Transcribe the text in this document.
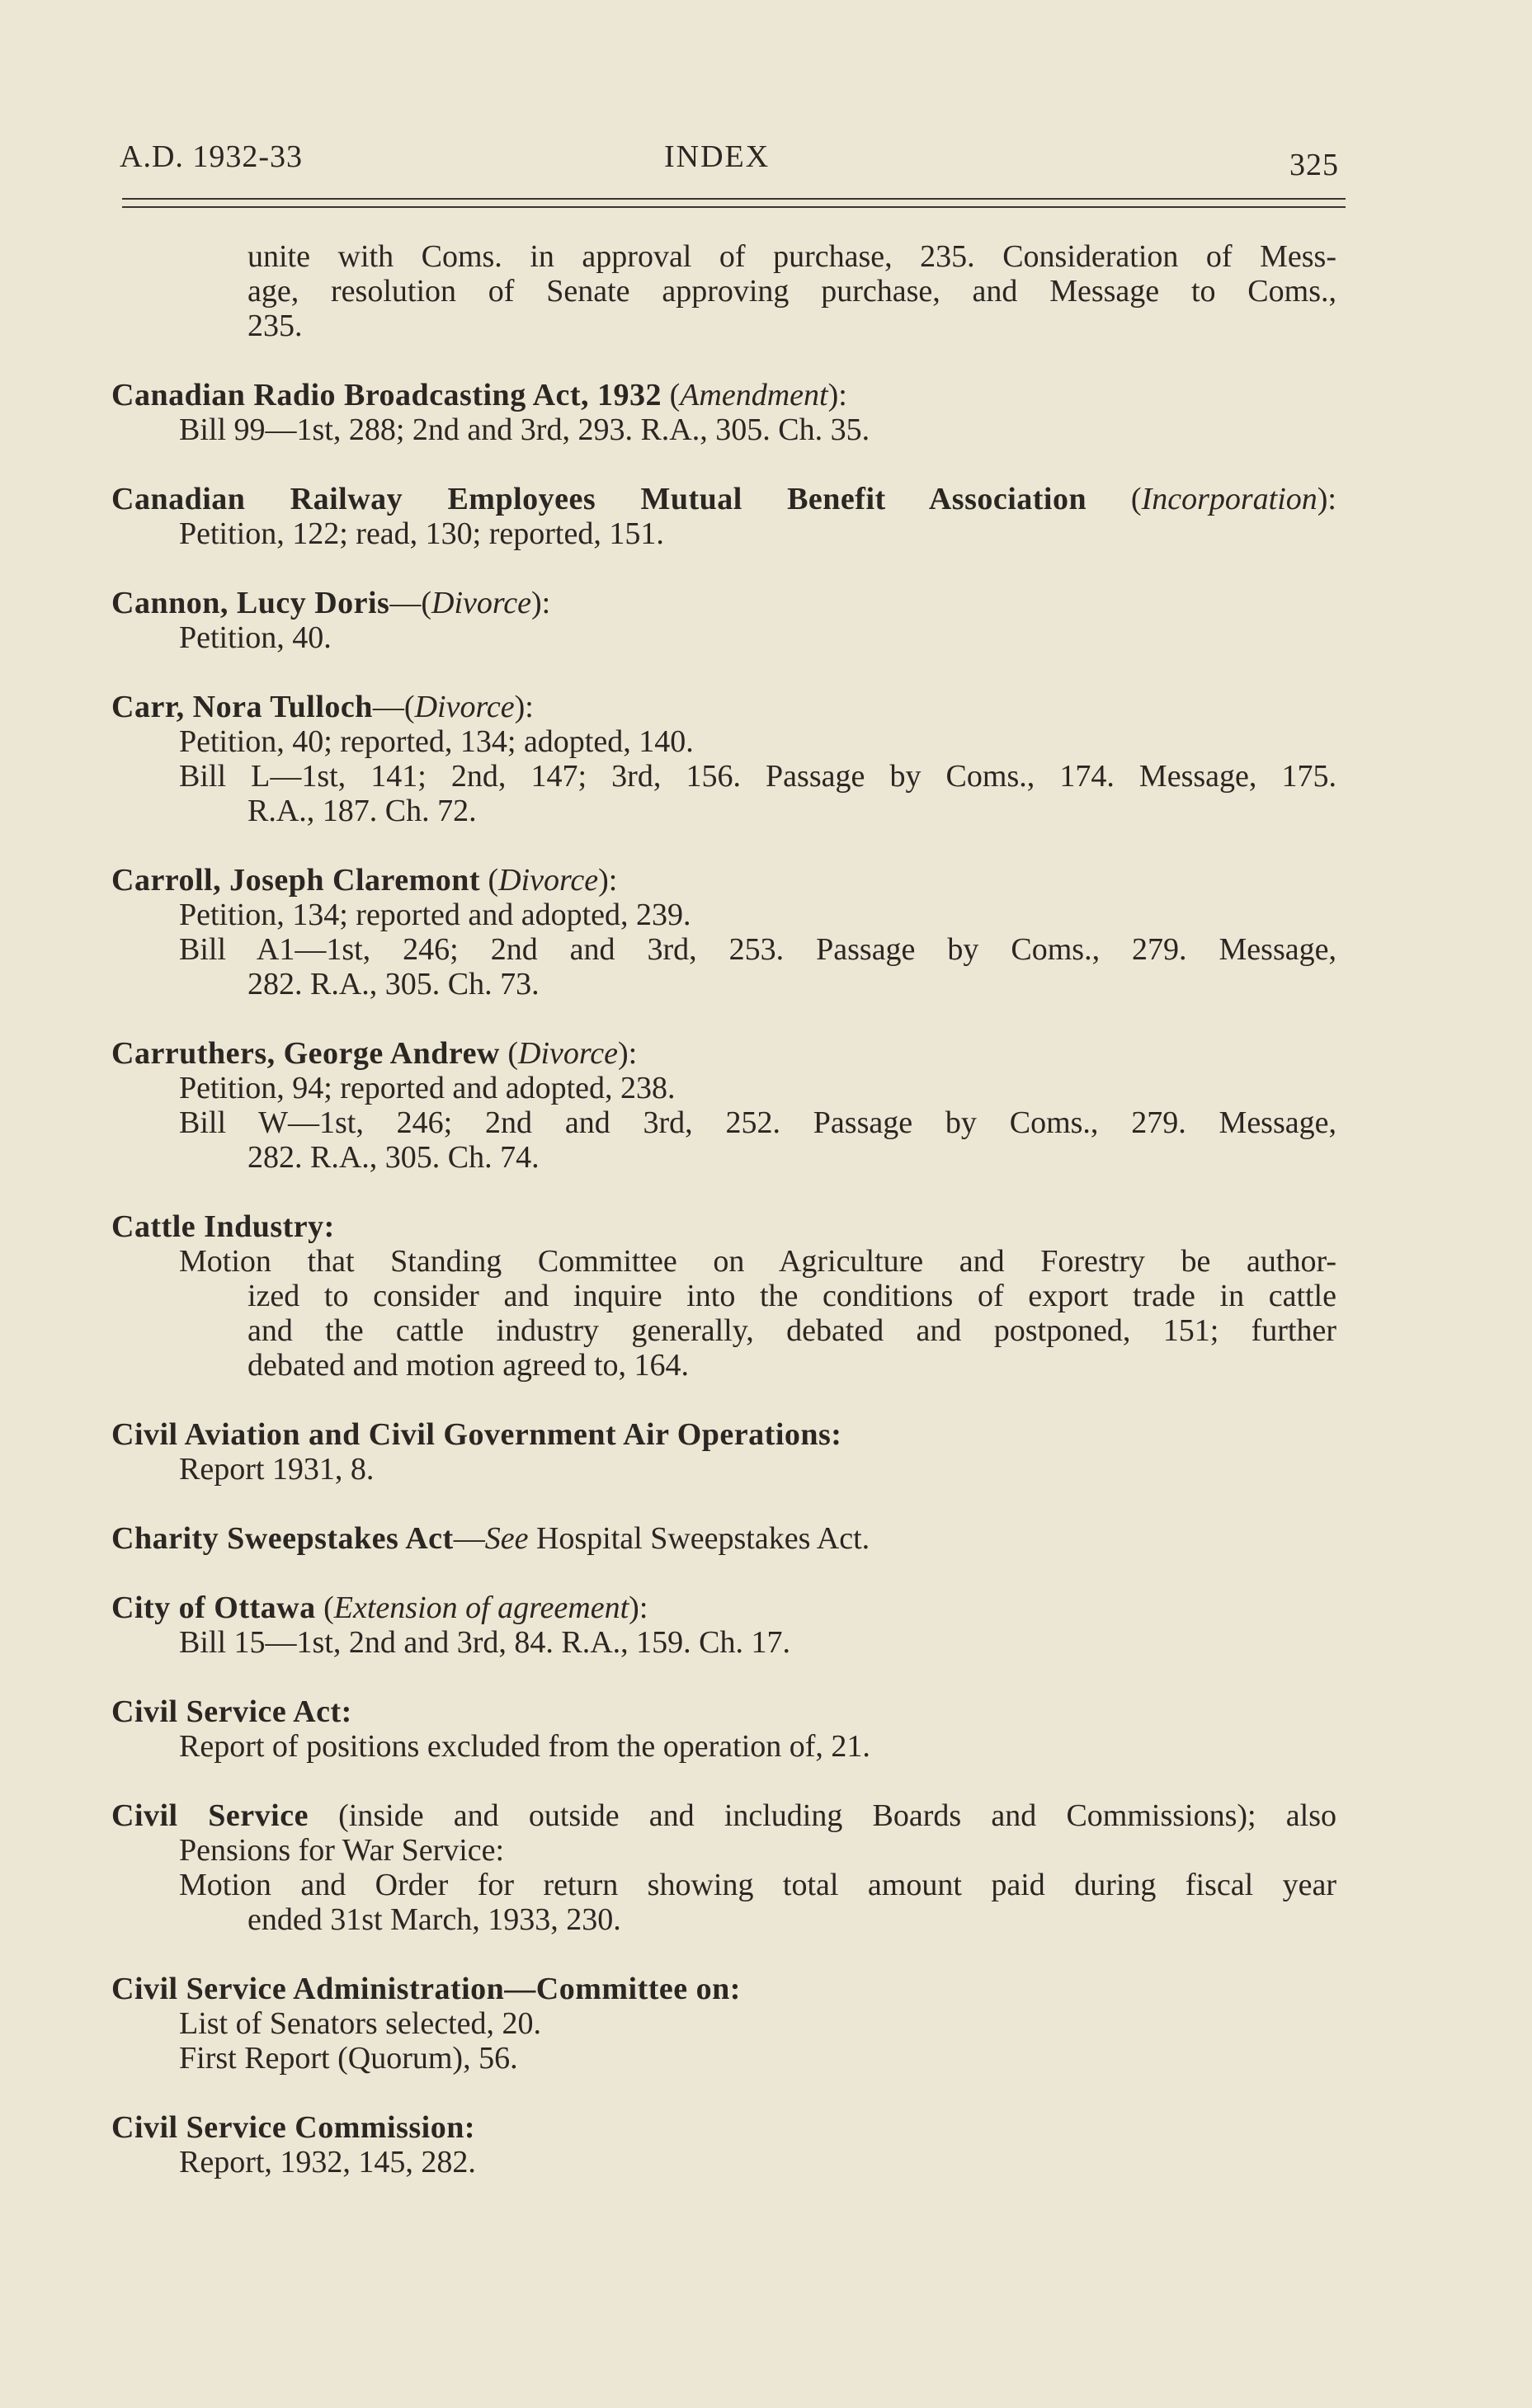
A.D. 1932-33	INDEX	325
unite with Coms. in approval of purchase, 235. Consideration of Mess-
age, resolution of Senate approving purchase, and Message to Coms.,
235.
Canadian Radio Broadcasting Act, 1932 (Amendment):
Bill 99—1st, 288; 2nd and 3rd, 293. R.A., 305. Ch. 35.
Canadian Railway Employees Mutual Benefit Association (Incorporation):
Petition, 122; read, 130; reported, 151.
Cannon, Lucy Doris—(Divorce):
Petition, 40.
Carr, Nora Tulloch—(Divorce):
Petition, 40; reported, 134; adopted, 140.
Bill L—1st, 141; 2nd, 147; 3rd, 156. Passage by Coms., 174. Message, 175.
R.A., 187. Ch. 72.
Carroll, Joseph Claremont (Divorce):
Petition, 134; reported and adopted, 239.
Bill A1—1st, 246; 2nd and 3rd, 253. Passage by Coms., 279. Message,
282. R.A., 305. Ch. 73.
Carruthers, George Andrew (Divorce):
Petition, 94; reported and adopted, 238.
Bill W—1st, 246; 2nd and 3rd, 252. Passage by Coms., 279. Message,
282. R.A., 305. Ch. 74.
Cattle Industry:
Motion that Standing Committee on Agriculture and Forestry be author-
ized to consider and inquire into the conditions of export trade in cattle
and the cattle industry generally, debated and postponed, 151; further
debated and motion agreed to, 164.
Civil Aviation and Civil Government Air Operations:
Report 1931, 8.
Charity Sweepstakes Act—See Hospital Sweepstakes Act.
City of Ottawa (Extension of agreement):
Bill 15—1st, 2nd and 3rd, 84. R.A., 159. Ch. 17.
Civil Service Act:
Report of positions excluded from the operation of, 21.
Civil Service (inside and outside and including Boards and Commissions); also
Pensions for War Service:
Motion and Order for return showing total amount paid during fiscal year
ended 31st March, 1933, 230.
Civil Service Administration—Committee on:
List of Senators selected, 20.
First Report (Quorum), 56.
Civil Service Commission:
Report, 1932, 145, 282.
